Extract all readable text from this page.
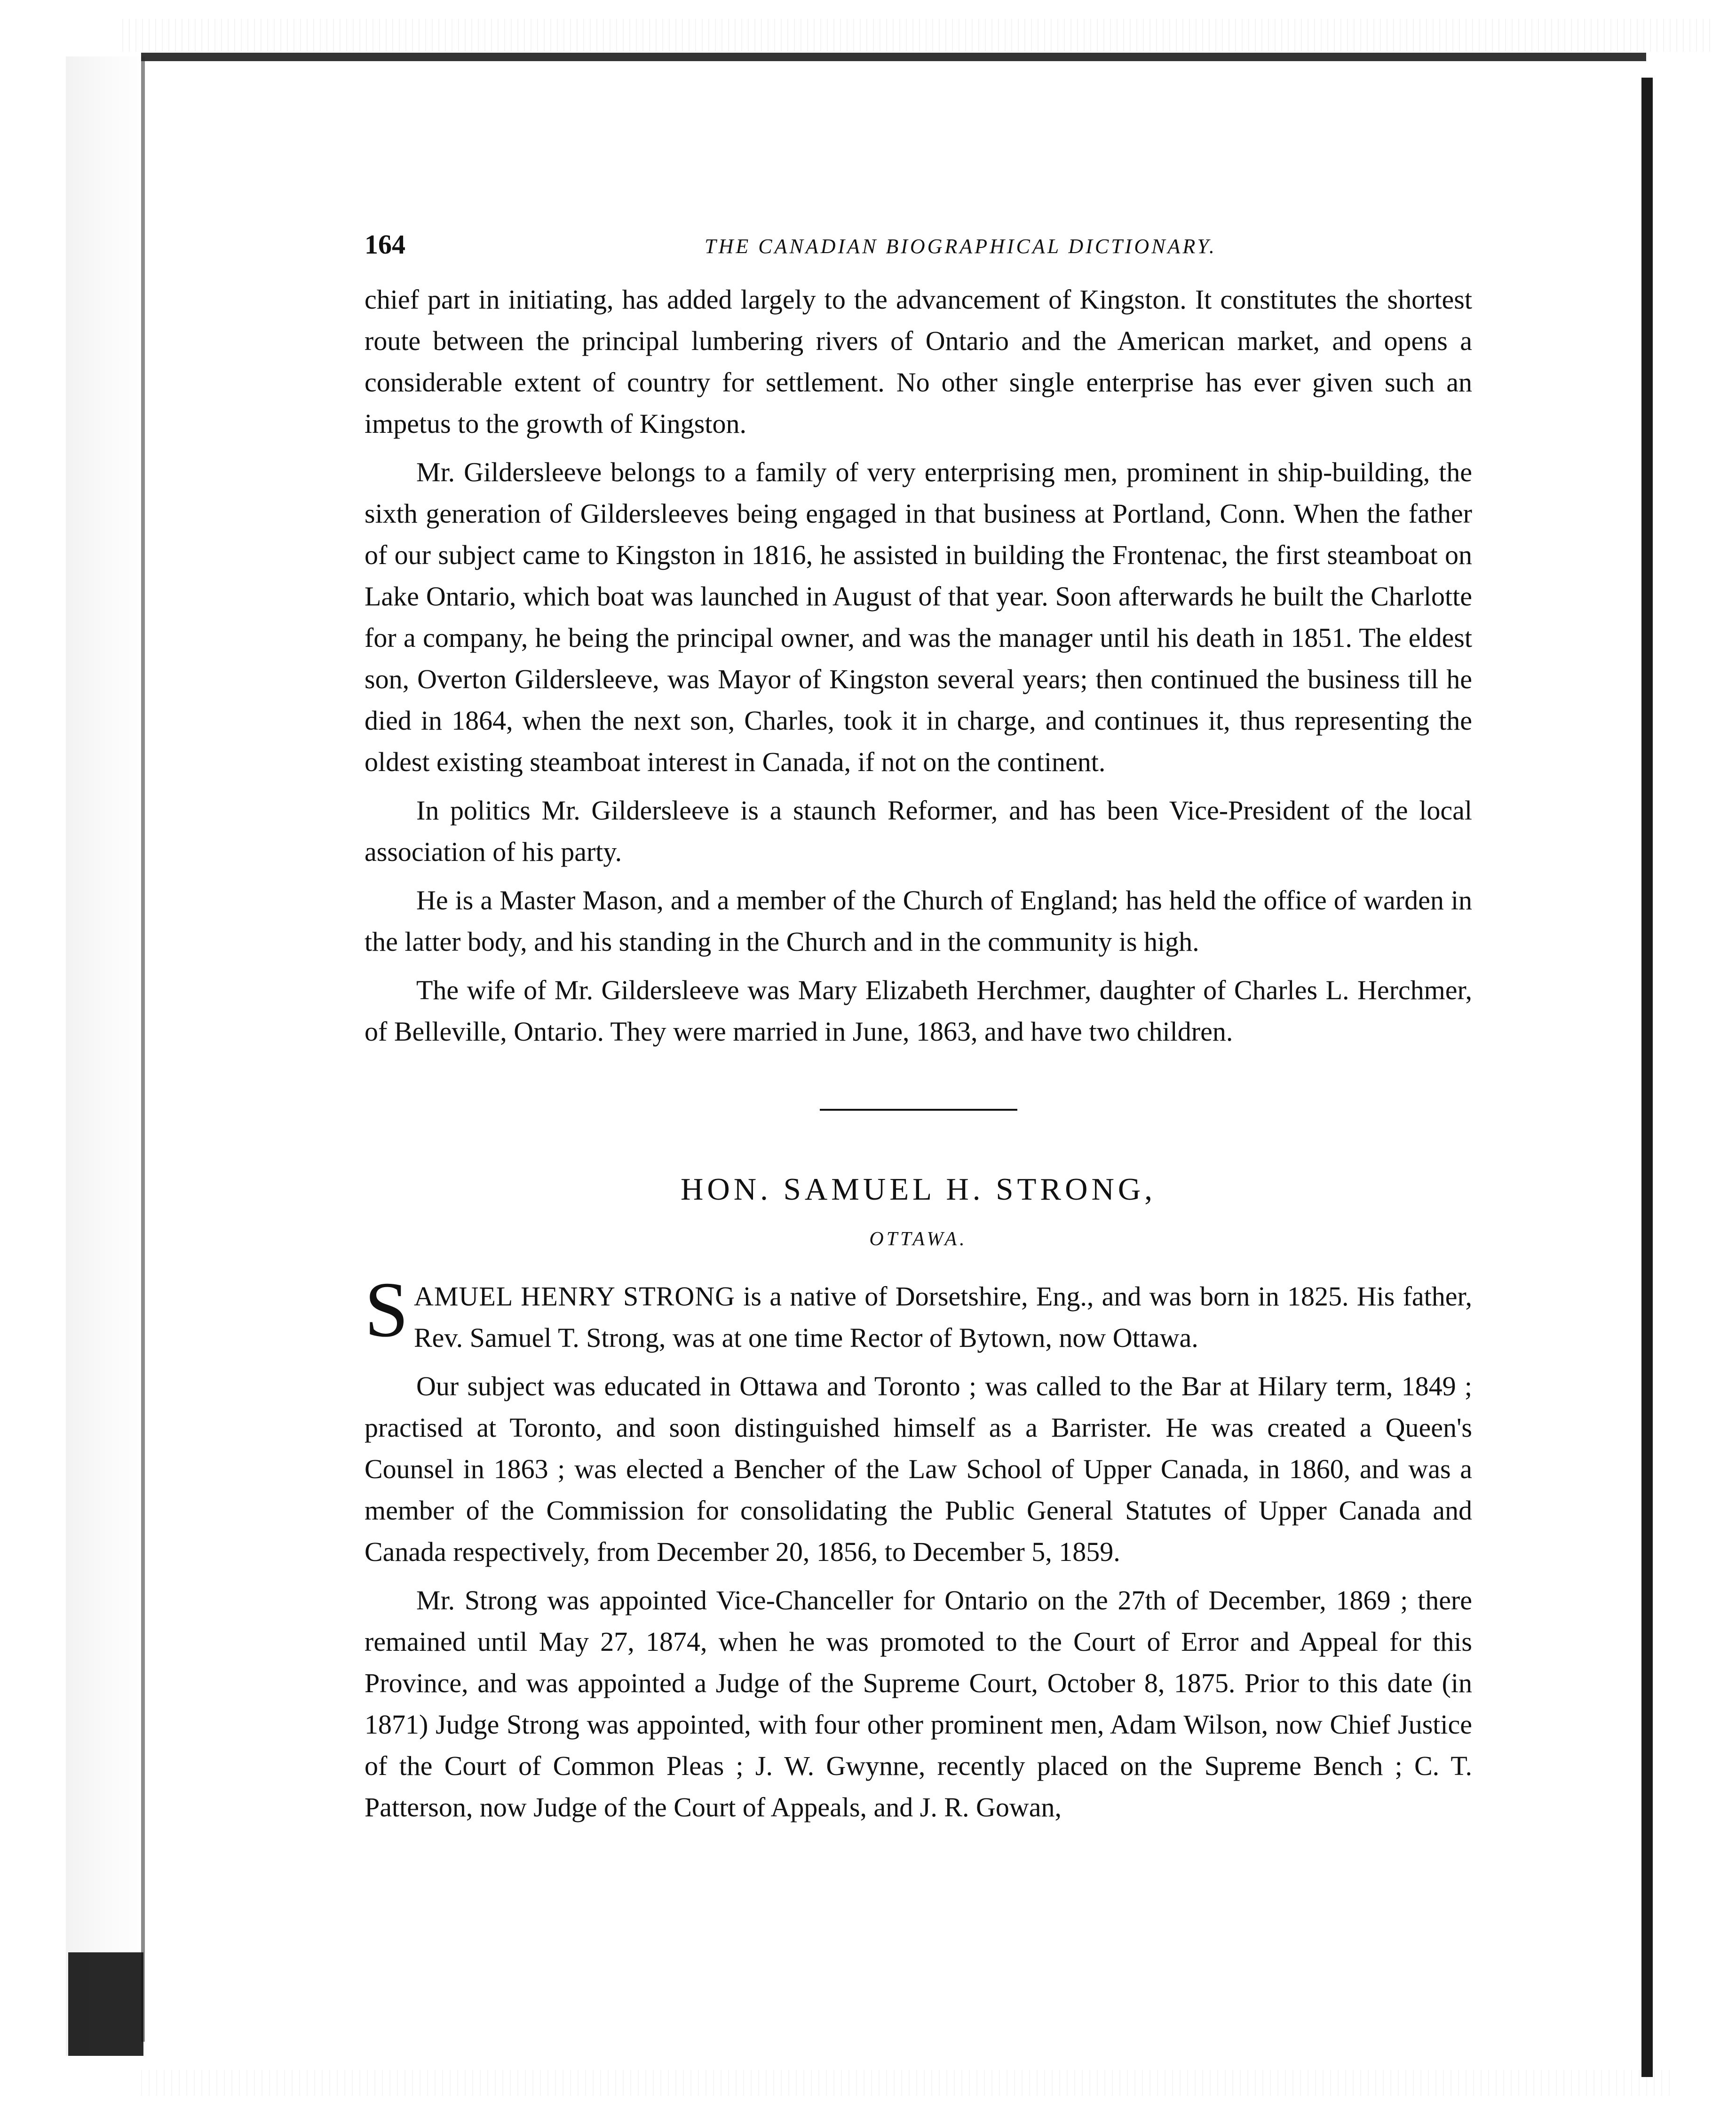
164	THE CANADIAN BIOGRAPHICAL DICTIONARY.

chief part in initiating, has added largely to the advancement of Kingston. It constitutes the shortest route between the principal lumbering rivers of Ontario and the American market, and opens a considerable extent of country for settlement. No other single enterprise has ever given such an impetus to the growth of Kingston.

Mr. Gildersleeve belongs to a family of very enterprising men, prominent in ship-building, the sixth generation of Gildersleeves being engaged in that business at Portland, Conn. When the father of our subject came to Kingston in 1816, he assisted in building the Frontenac, the first steamboat on Lake Ontario, which boat was launched in August of that year. Soon afterwards he built the Charlotte for a company, he being the principal owner, and was the manager until his death in 1851. The eldest son, Overton Gildersleeve, was Mayor of Kingston several years; then continued the business till he died in 1864, when the next son, Charles, took it in charge, and continues it, thus representing the oldest existing steamboat interest in Canada, if not on the continent.

In politics Mr. Gildersleeve is a staunch Reformer, and has been Vice-President of the local association of his party.

He is a Master Mason, and a member of the Church of England; has held the office of warden in the latter body, and his standing in the Church and in the community is high.

The wife of Mr. Gildersleeve was Mary Elizabeth Herchmer, daughter of Charles L. Herchmer, of Belleville, Ontario. They were married in June, 1863, and have two children.

HON. SAMUEL H. STRONG,
OTTAWA.
S AMUEL HENRY STRONG is a native of Dorsetshire, Eng., and was born in 1825. His father, Rev. Samuel T. Strong, was at one time Rector of Bytown, now Ottawa.

Our subject was educated in Ottawa and Toronto ; was called to the Bar at Hilary term, 1849 ; practised at Toronto, and soon distinguished himself as a Barrister. He was created a Queen's Counsel in 1863 ; was elected a Bencher of the Law School of Upper Canada, in 1860, and was a member of the Commission for consolidating the Public General Statutes of Upper Canada and Canada respectively, from December 20, 1856, to December 5, 1859.

Mr. Strong was appointed Vice-Chanceller for Ontario on the 27th of December, 1869 ; there remained until May 27, 1874, when he was promoted to the Court of Error and Appeal for this Province, and was appointed a Judge of the Supreme Court, October 8, 1875. Prior to this date (in 1871) Judge Strong was appointed, with four other prominent men, Adam Wilson, now Chief Justice of the Court of Common Pleas ; J. W. Gwynne, recently placed on the Supreme Bench ; C. T. Patterson, now Judge of the Court of Appeals, and J. R. Gowan,
